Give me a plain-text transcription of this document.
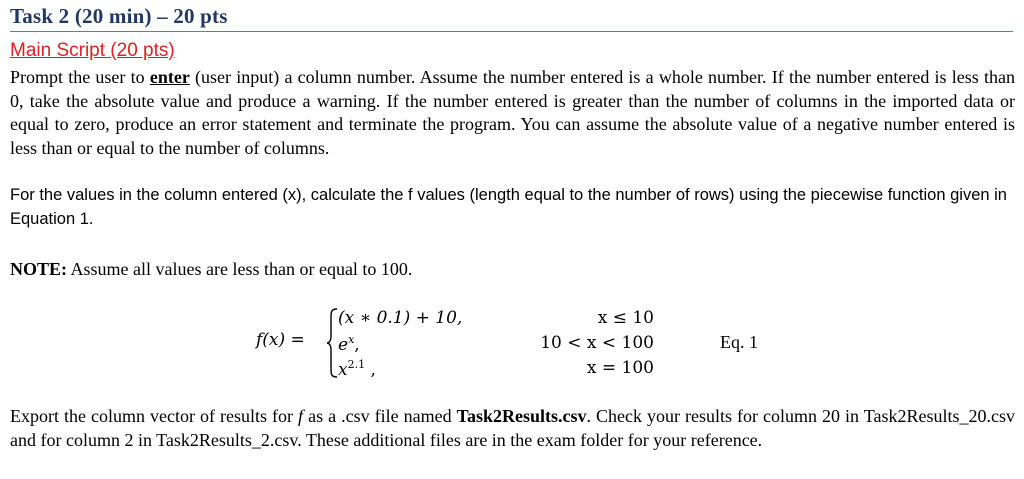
Task 2 (20 min) – 20 pts
Main Script (20 pts)
Prompt the user to enter (user input) a column number. Assume the number entered is a whole number. If the number entered is less than 0, take the absolute value and produce a warning. If the number entered is greater than the number of columns in the imported data or equal to zero, produce an error statement and terminate the program. You can assume the absolute value of a negative number entered is less than or equal to the number of columns.
For the values in the column entered (x), calculate the f values (length equal to the number of rows) using the piecewise function given in Equation 1.
NOTE: Assume all values are less than or equal to 100.
f(x) =
(x ∗ 0.1) + 10,
$e^x$,
$x^{2.1}$ ,
x ≤ 10
10 < x < 100
x = 100
Eq. 1
Export the column vector of results for f as a .csv file named Task2Results.csv. Check your results for column 20 in Task2Results_20.csv and for column 2 in Task2Results_2.csv. These additional files are in the exam folder for your reference.
